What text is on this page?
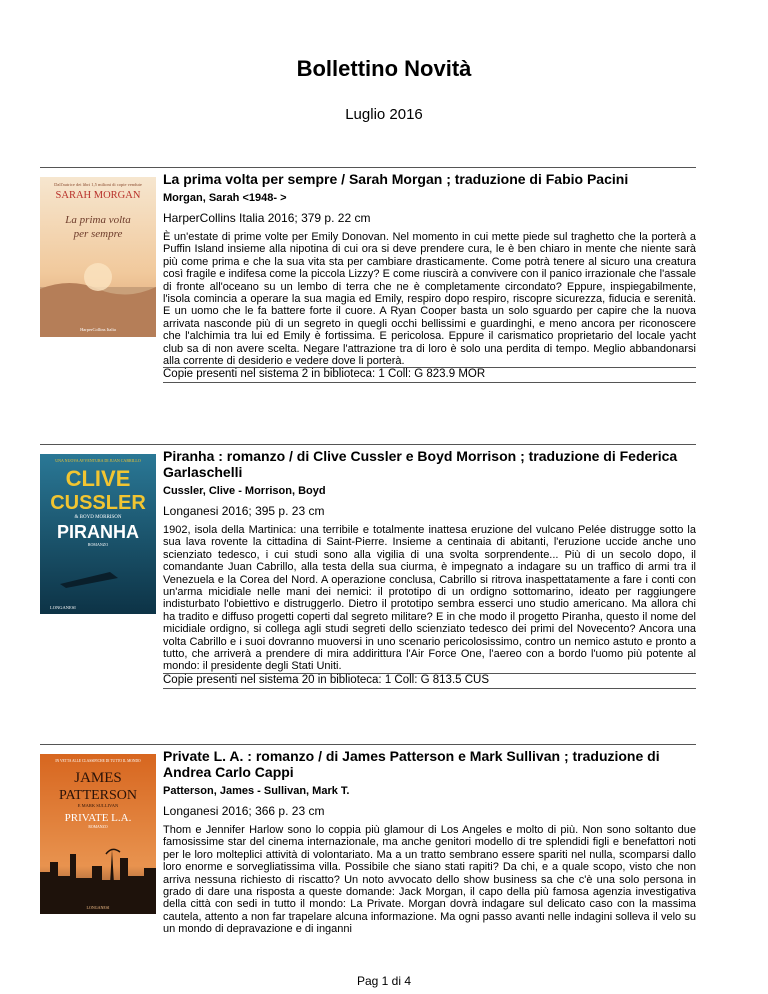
Bollettino Novità
Luglio 2016
Dall'autrice dei libri 1,5 milioni di copie vendute
SARAH MORGAN
La prima volta
per sempre
HarperCollins Italia
La prima volta per sempre / Sarah Morgan ; traduzione di Fabio Pacini
Morgan, Sarah <1948- >
HarperCollins Italia 2016; 379 p. 22 cm

È un'estate di prime volte per Emily Donovan. Nel momento in cui mette piede sul traghetto che la porterà a Puffin Island insieme alla nipotina di cui ora si deve prendere cura, le è ben chiaro in mente che niente sarà più come prima e che la sua vita sta per cambiare drasticamente. Come potrà tenere al sicuro una creatura così fragile e indifesa come la piccola Lizzy? E come riuscirà a convivere con il panico irrazionale che l'assale di fronte all'oceano su un lembo di terra che ne è completamente circondato? Eppure, inspiegabilmente, l'isola comincia a operare la sua magia ed Emily, respiro dopo respiro, riscopre sicurezza, fiducia e serenità. E un uomo che le fa battere forte il cuore. A Ryan Cooper basta un solo sguardo per capire che la nuova arrivata nasconde più di un segreto in quegli occhi bellissimi e guardinghi, e meno ancora per riconoscere che l'alchimia tra lui ed Emily è fortissima. E pericolosa. Eppure il carismatico proprietario del locale yacht club sa di non avere scelta. Negare l'attrazione tra di loro è solo una perdita di tempo. Meglio abbandonarsi alla corrente di desiderio e vedere dove li porterà.

Copie presenti nel sistema 2 in biblioteca: 1 Coll: G 823.9 MOR

UNA NUOVA AVVENTURA DI JUAN CABRILLO
CLIVE
CUSSLER
& BOYD MORRISON
PIRANHA
ROMANZO
LONGANESI
Piranha : romanzo / di Clive Cussler e Boyd Morrison ; traduzione di Federica Garlaschelli
Cussler, Clive - Morrison, Boyd
Longanesi 2016; 395 p. 23 cm

1902, isola della Martinica: una terribile e totalmente inattesa eruzione del vulcano Pelée distrugge sotto la sua lava rovente la cittadina di Saint-Pierre. Insieme a centinaia di abitanti, l'eruzione uccide anche uno scienziato tedesco, i cui studi sono alla vigilia di una svolta sorprendente... Più di un secolo dopo, il comandante Juan Cabrillo, alla testa della sua ciurma, è impegnato a indagare su un traffico di armi tra il Venezuela e la Corea del Nord. A operazione conclusa, Cabrillo si ritrova inaspettatamente a fare i conti con un'arma micidiale nelle mani dei nemici: il prototipo di un ordigno sottomarino, ideato per raggiungere indisturbato l'obiettivo e distruggerlo. Dietro il prototipo sembra esserci uno studio americano. Ma allora chi ha tradito e diffuso progetti coperti dal segreto militare? E in che modo il progetto Piranha, questo il nome del micidiale ordigno, si collega agli studi segreti dello scienziato tedesco dei primi del Novecento? Ancora una volta Cabrillo e i suoi dovranno muoversi in uno scenario pericolosissimo, contro un nemico astuto e pronto a tutto, che arriverà a prendere di mira addirittura l'Air Force One, l'aereo con a bordo l'uomo più potente al mondo: il presidente degli Stati Uniti.

Copie presenti nel sistema 20 in biblioteca: 1 Coll: G 813.5 CUS

IN VETTA ALLE CLASSIFICHE DI TUTTO IL MONDO
JAMES
PATTERSON
E MARK SULLIVAN
PRIVATE L.A.
ROMANZO
LONGANESI
Private L. A. : romanzo / di James Patterson e Mark Sullivan ; traduzione di Andrea Carlo Cappi
Patterson, James - Sullivan, Mark T.
Longanesi 2016; 366 p. 23 cm

Thom e Jennifer Harlow sono lo coppia più glamour di Los Angeles e molto di più. Non sono soltanto due famosissime star del cinema internazionale, ma anche genitori modello di tre splendidi figli e benefattori noti per le loro molteplici attività di volontariato. Ma a un tratto sembrano essere spariti nel nulla, scomparsi dallo loro enorme e sorvegliatissima villa. Possibile che siano stati rapiti? Da chi, e a quale scopo, visto che non arriva nessuna richiesto di riscatto? Un noto avvocato dello show business sa che c'è una solo persona in grado di dare una risposta a queste domande: Jack Morgan, il capo della più famosa agenzia investigativa della città con sedi in tutto il mondo: La Private. Morgan dovrà indagare sul delicato caso con la massima cautela, attento a non far trapelare alcuna informazione. Ma ogni passo avanti nelle indagini solleva il velo su un mondo di depravazione e di inganni

Pag 1 di 4
